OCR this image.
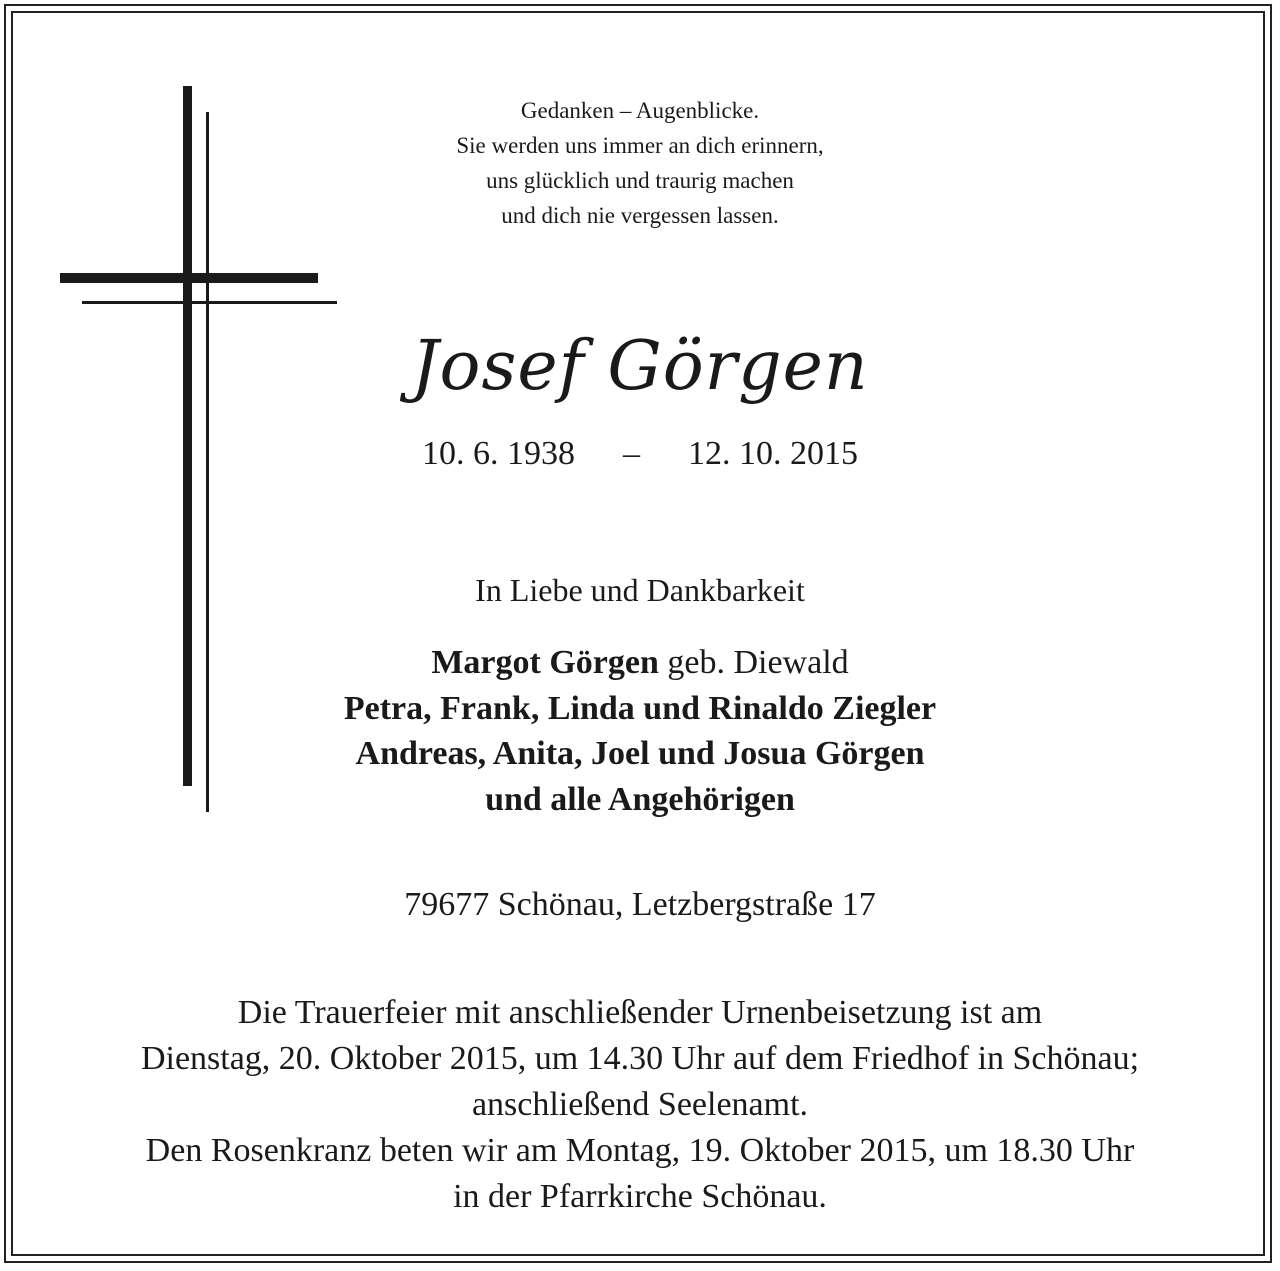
Gedanken – Augenblicke.
Sie werden uns immer an dich erinnern,
uns glücklich und traurig machen
und dich nie vergessen lassen.
Josef Görgen
10. 6. 1938 – 12. 10. 2015
In Liebe und Dankbarkeit
Margot Görgen geb. Diewald
Petra, Frank, Linda und Rinaldo Ziegler
Andreas, Anita, Joel und Josua Görgen
und alle Angehörigen
79677 Schönau, Letzbergstraße 17
Die Trauerfeier mit anschließender Urnenbeisetzung ist am
Dienstag, 20. Oktober 2015, um 14.30 Uhr auf dem Friedhof in Schönau;
anschließend Seelenamt.
Den Rosenkranz beten wir am Montag, 19. Oktober 2015, um 18.30 Uhr
in der Pfarrkirche Schönau.
